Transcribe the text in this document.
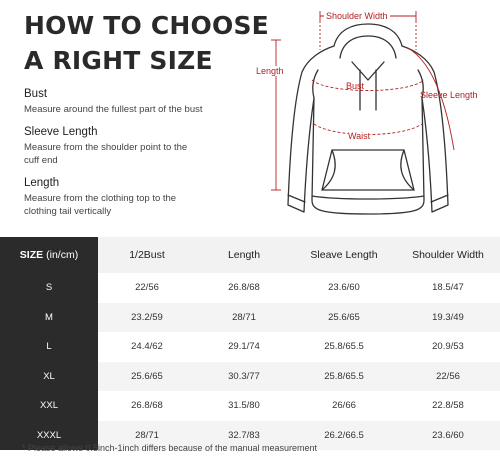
HOW TO CHOOSE
A RIGHT SIZE
Bust
Measure around the fullest part of the bust
Sleeve Length
Measure from the shoulder point to the cuff end
Length
Measure from the clothing top to the clothing tail vertically
Shoulder Width
Length
Bust
Sleeve Length
Waist
SIZE (in/cm)	1/2Bust	Length	Sleave Length	Shoulder Width
S	22/56	26.8/68	23.6/60	18.5/47
M	23.2/59	28/71	25.6/65	19.3/49
L	24.4/62	29.1/74	25.8/65.5	20.9/53
XL	25.6/65	30.3/77	25.8/65.5	22/56
XXL	26.8/68	31.5/80	26/66	22.8/58
XXXL	28/71	32.7/83	26.2/66.5	23.6/60
* Please allows 0.5inch-1inch differs because of the manual measurement
